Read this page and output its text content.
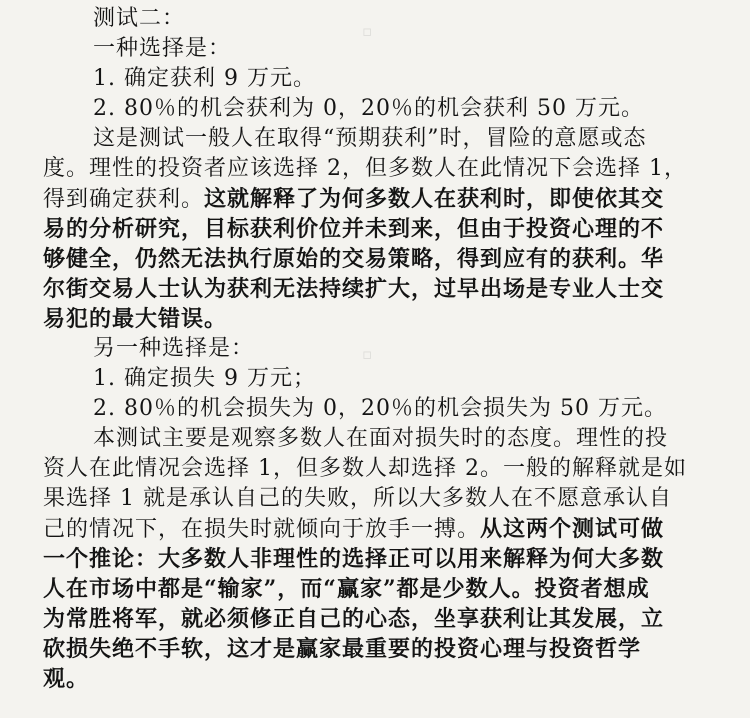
▫
▫
测试二：
一种选择是：
1. 确定获利 9 万元。
2. 80％的机会获利为 0，20％的机会获利 50 万元。
这是测试一般人在取得“预期获利”时，冒险的意愿或态
度。理性的投资者应该选择 2，但多数人在此情况下会选择 1，
得到确定获利。这就解释了为何多数人在获利时，即使依其交
易的分析研究，目标获利价位并未到来，但由于投资心理的不
够健全，仍然无法执行原始的交易策略，得到应有的获利。华
尔街交易人士认为获利无法持续扩大，过早出场是专业人士交
易犯的最大错误。
另一种选择是：
1. 确定损失 9 万元；
2. 80％的机会损失为 0，20％的机会损失为 50 万元。
本测试主要是观察多数人在面对损失时的态度。理性的投
资人在此情况会选择 1，但多数人却选择 2。一般的解释就是如
果选择 1 就是承认自己的失败，所以大多数人在不愿意承认自
己的情况下，在损失时就倾向于放手一搏。从这两个测试可做
一个推论：大多数人非理性的选择正可以用来解释为何大多数
人在市场中都是“输家”，而“赢家”都是少数人。投资者想成
为常胜将军，就必须修正自己的心态，坐享获利让其发展，立
砍损失绝不手软，这才是赢家最重要的投资心理与投资哲学
观。
